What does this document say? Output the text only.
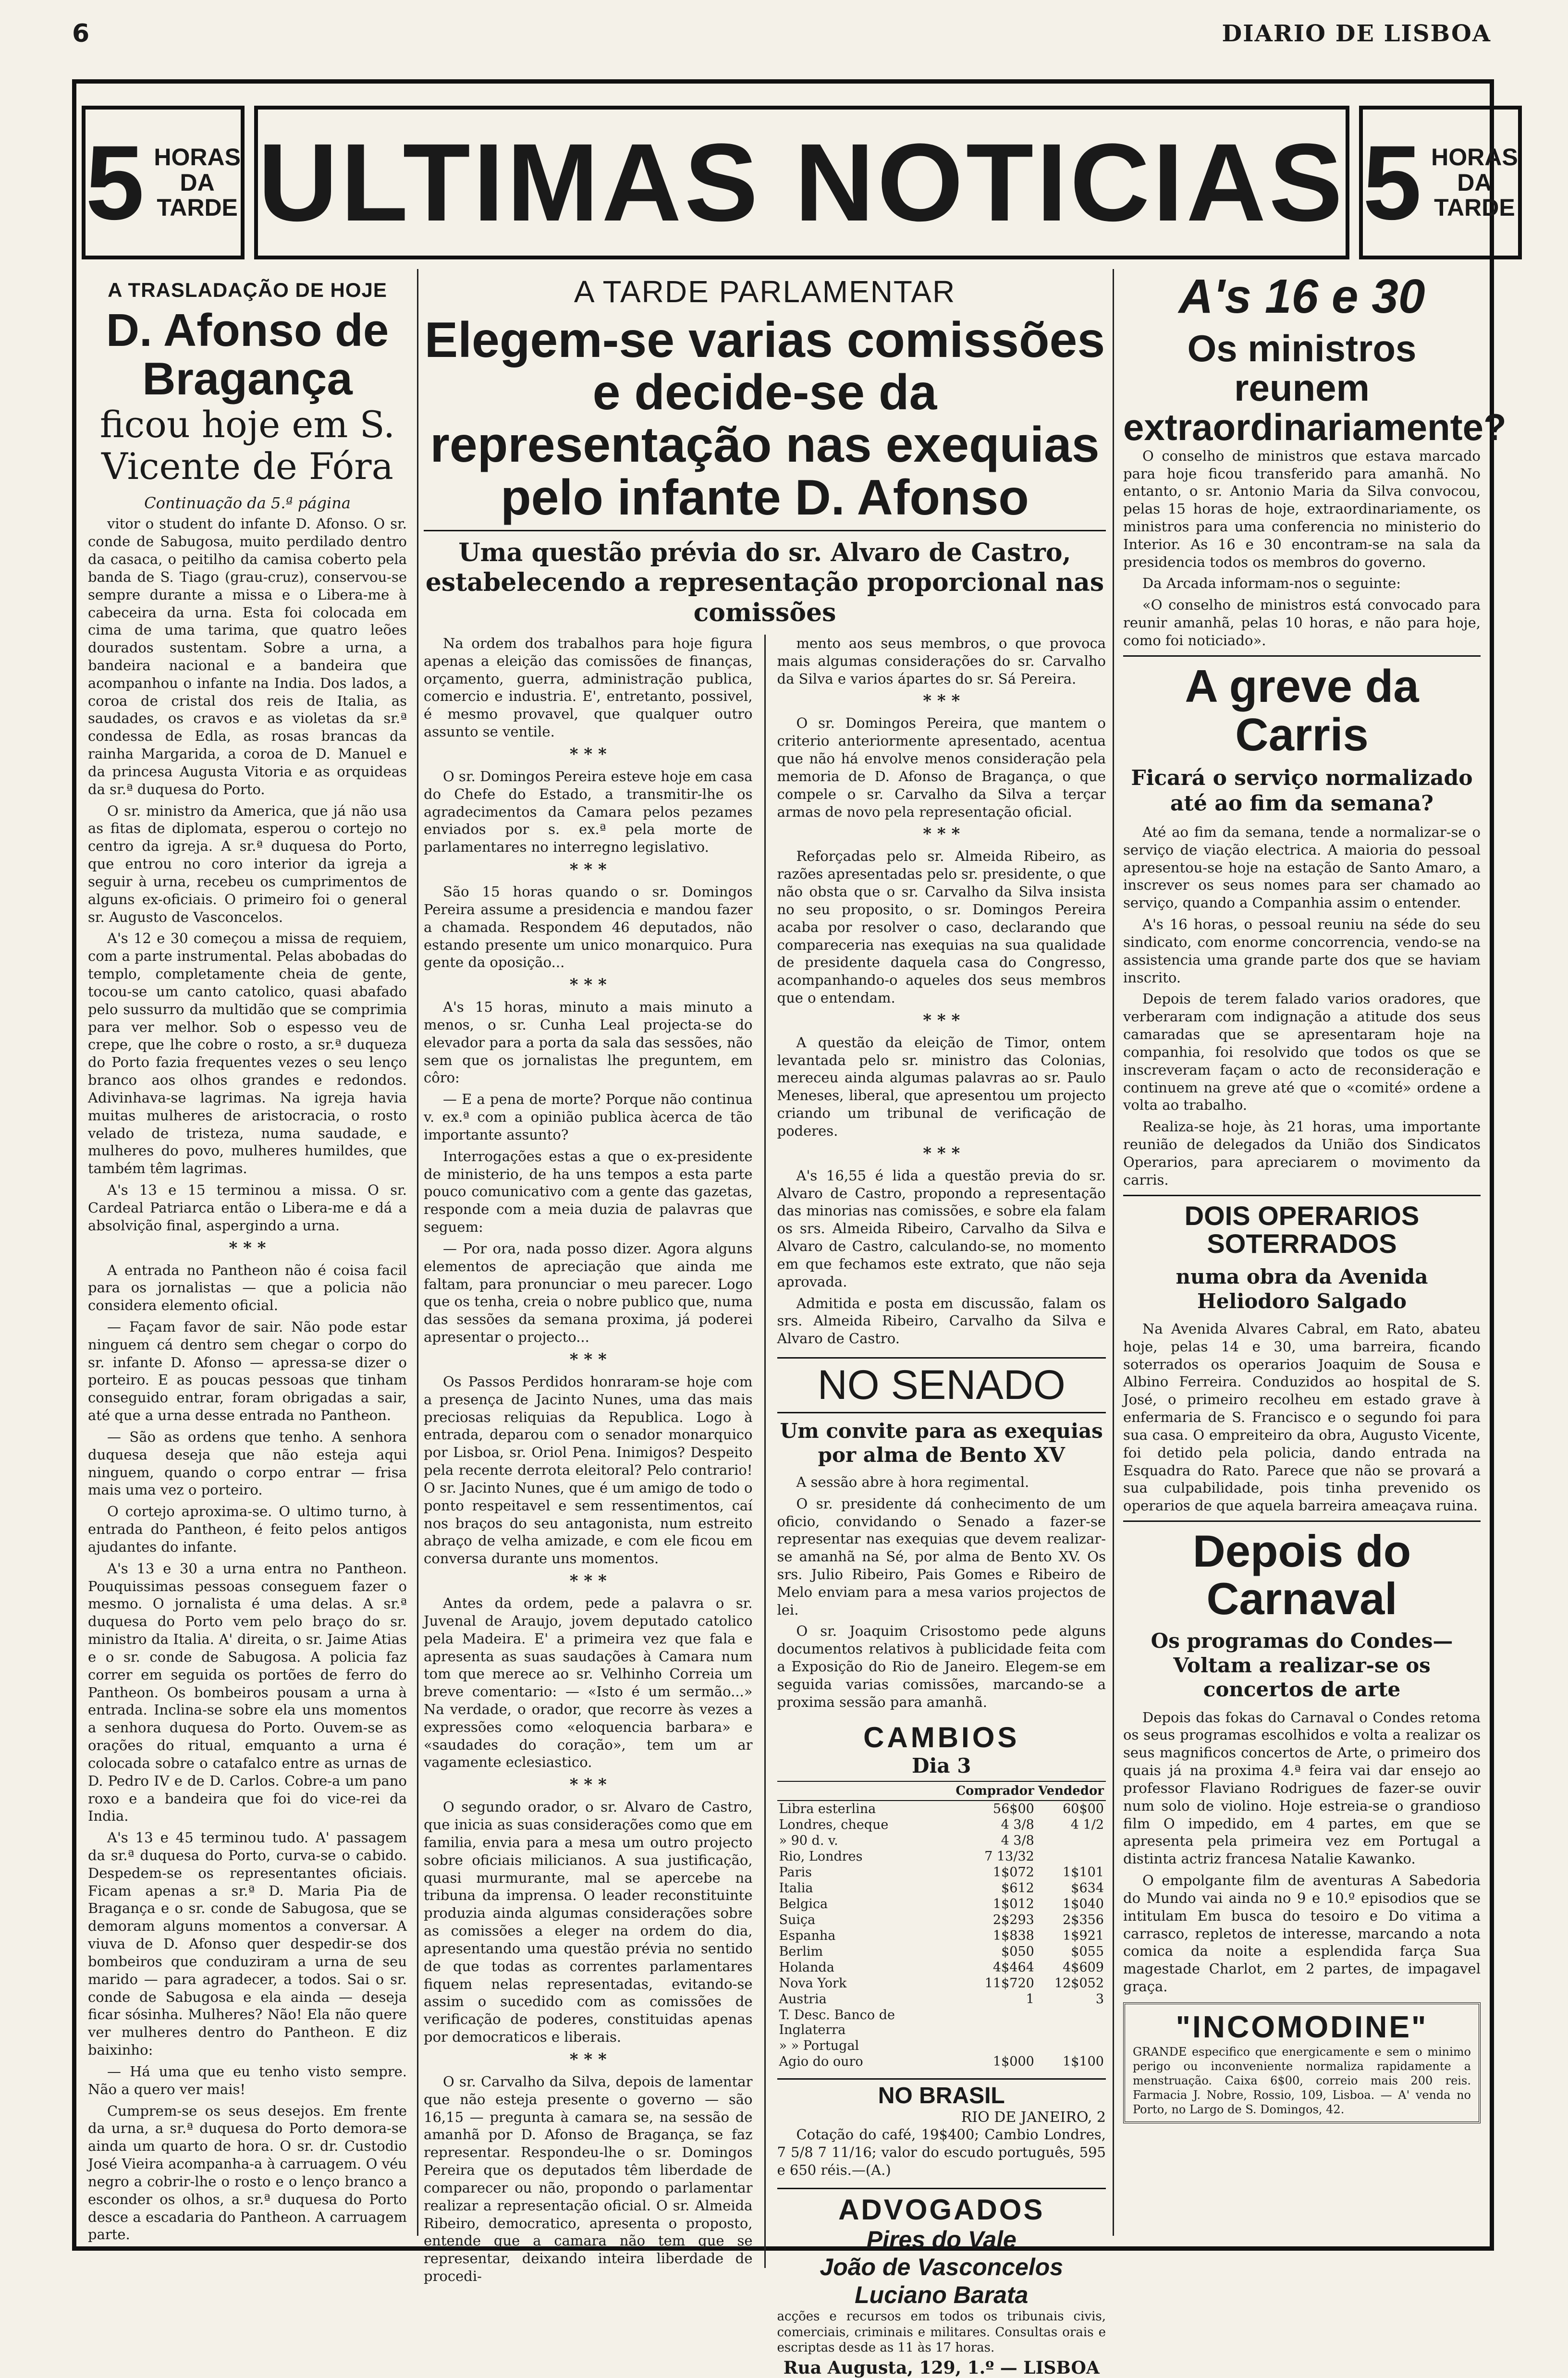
6	DIARIO DE LISBOA
5 HORAS
DA
TARDE ULTIMAS NOTICIAS 5 HORAS
DA
TARDE
A TRASLADAÇÃO DE HOJE
D. Afonso de Bragança
ficou hoje em S. Vicente de Fóra
Continuação da 5.ª página

vitor o student do infante D. Afonso. O sr. conde de Sabugosa, muito perdilado dentro da casaca, o peitilho da camisa coberto pela banda de S. Tiago (grau-cruz), conservou-se sempre durante a missa e o Libera-me à cabeceira da urna. Esta foi colocada em cima de uma tarima, que quatro leões dourados sustentam. Sobre a urna, a bandeira nacional e a bandeira que acompanhou o infante na India. Dos lados, a coroa de cristal dos reis de Italia, as saudades, os cravos e as violetas da sr.ª condessa de Edla, as rosas brancas da rainha Margarida, a coroa de D. Manuel e da princesa Augusta Vitoria e as orquideas da sr.ª duquesa do Porto.

O sr. ministro da America, que já não usa as fitas de diplomata, esperou o cortejo no centro da igreja. A sr.ª duquesa do Porto, que entrou no coro interior da igreja a seguir à urna, recebeu os cumprimentos de alguns ex-oficiais. O primeiro foi o general sr. Augusto de Vasconcelos.

A's 12 e 30 começou a missa de requiem, com a parte instrumental. Pelas abobadas do templo, completamente cheia de gente, tocou-se um canto catolico, quasi abafado pelo sussurro da multidão que se comprimia para ver melhor. Sob o espesso veu de crepe, que lhe cobre o rosto, a sr.ª duqueza do Porto fazia frequentes vezes o seu lenço branco aos olhos grandes e redondos. Adivinhava-se lagrimas. Na igreja havia muitas mulheres de aristocracia, o rosto velado de tristeza, numa saudade, e mulheres do povo, mulheres humildes, que também têm lagrimas.

A's 13 e 15 terminou a missa. O sr. Cardeal Patriarca então o Libera-me e dá a absolvição final, aspergindo a urna.

* * *

A entrada no Pantheon não é coisa facil para os jornalistas — que a policia não considera elemento oficial.

— Façam favor de sair. Não pode estar ninguem cá dentro sem chegar o corpo do sr. infante D. Afonso — apressa-se dizer o porteiro. E as poucas pessoas que tinham conseguido entrar, foram obrigadas a sair, até que a urna desse entrada no Pantheon.

— São as ordens que tenho. A senhora duquesa deseja que não esteja aqui ninguem, quando o corpo entrar — frisa mais uma vez o porteiro.

O cortejo aproxima-se. O ultimo turno, à entrada do Pantheon, é feito pelos antigos ajudantes do infante.

A's 13 e 30 a urna entra no Pantheon. Pouquissimas pessoas conseguem fazer o mesmo. O jornalista é uma delas. A sr.ª duquesa do Porto vem pelo braço do sr. ministro da Italia. A' direita, o sr. Jaime Atias e o sr. conde de Sabugosa. A policia faz correr em seguida os portões de ferro do Pantheon. Os bombeiros pousam a urna à entrada. Inclina-se sobre ela uns momentos a senhora duquesa do Porto. Ouvem-se as orações do ritual, emquanto a urna é colocada sobre o catafalco entre as urnas de D. Pedro IV e de D. Carlos. Cobre-a um pano roxo e a bandeira que foi do vice-rei da India.

A's 13 e 45 terminou tudo. A' passagem da sr.ª duquesa do Porto, curva-se o cabido. Despedem-se os representantes oficiais. Ficam apenas a sr.ª D. Maria Pia de Bragança e o sr. conde de Sabugosa, que se demoram alguns momentos a conversar. A viuva de D. Afonso quer despedir-se dos bombeiros que conduziram a urna de seu marido — para agradecer, a todos. Sai o sr. conde de Sabugosa e ela ainda — deseja ficar sósinha. Mulheres? Não! Ela não quere ver mulheres dentro do Pantheon. E diz baixinho:

— Há uma que eu tenho visto sempre. Não a quero ver mais!

Cumprem-se os seus desejos. Em frente da urna, a sr.ª duquesa do Porto demora-se ainda um quarto de hora. O sr. dr. Custodio José Vieira acompanha-a à carruagem. O véu negro a cobrir-lhe o rosto e o lenço branco a esconder os olhos, a sr.ª duquesa do Porto desce a escadaria do Pantheon. A carruagem parte.

A TARDE PARLAMENTAR
Elegem-se varias comissões e decide-se da representação nas exequias pelo infante D. Afonso
Uma questão prévia do sr. Alvaro de Castro, estabelecendo a representação proporcional nas comissões

Na ordem dos trabalhos para hoje figura apenas a eleição das comissões de finanças, orçamento, guerra, administração publica, comercio e industria. E', entretanto, possivel, é mesmo provavel, que qualquer outro assunto se ventile.

* * *

O sr. Domingos Pereira esteve hoje em casa do Chefe do Estado, a transmitir-lhe os agradecimentos da Camara pelos pezames enviados por s. ex.ª pela morte de parlamentares no interregno legislativo.

* * *

São 15 horas quando o sr. Domingos Pereira assume a presidencia e mandou fazer a chamada. Respondem 46 deputados, não estando presente um unico monarquico. Pura gente da oposição...

* * *

A's 15 horas, minuto a mais minuto a menos, o sr. Cunha Leal projecta-se do elevador para a porta da sala das sessões, não sem que os jornalistas lhe preguntem, em côro:

— E a pena de morte? Porque não continua v. ex.ª com a opinião publica àcerca de tão importante assunto?

Interrogações estas a que o ex-presidente de ministerio, de ha uns tempos a esta parte pouco comunicativo com a gente das gazetas, responde com a meia duzia de palavras que seguem:

— Por ora, nada posso dizer. Agora alguns elementos de apreciação que ainda me faltam, para pronunciar o meu parecer. Logo que os tenha, creia o nobre publico que, numa das sessões da semana proxima, já poderei apresentar o projecto...

* * *

Os Passos Perdidos honraram-se hoje com a presença de Jacinto Nunes, uma das mais preciosas reliquias da Republica. Logo à entrada, deparou com o senador monarquico por Lisboa, sr. Oriol Pena. Inimigos? Despeito pela recente derrota eleitoral? Pelo contrario! O sr. Jacinto Nunes, que é um amigo de todo o ponto respeitavel e sem ressentimentos, caí nos braços do seu antagonista, num estreito abraço de velha amizade, e com ele ficou em conversa durante uns momentos.

* * *

Antes da ordem, pede a palavra o sr. Juvenal de Araujo, jovem deputado catolico pela Madeira. E' a primeira vez que fala e apresenta as suas saudações à Camara num tom que merece ao sr. Velhinho Correia um breve comentario: — «Isto é um sermão...» Na verdade, o orador, que recorre às vezes a expressões como «eloquencia barbara» e «saudades do coração», tem um ar vagamente eclesiastico.

* * *

O segundo orador, o sr. Alvaro de Castro, que inicia as suas considerações como que em familia, envia para a mesa um outro projecto sobre oficiais milicianos. A sua justificação, quasi murmurante, mal se apercebe na tribuna da imprensa. O leader reconstituinte produzia ainda algumas considerações sobre as comissões a eleger na ordem do dia, apresentando uma questão prévia no sentido de que todas as correntes parlamentares fiquem nelas representadas, evitando-se assim o sucedido com as comissões de verificação de poderes, constituidas apenas por democraticos e liberais.

* * *

O sr. Carvalho da Silva, depois de lamentar que não esteja presente o governo — são 16,15 — pregunta à camara se, na sessão de amanhã por D. Afonso de Bragança, se faz representar. Respondeu-lhe o sr. Domingos Pereira que os deputados têm liberdade de comparecer ou não, propondo o parlamentar realizar a representação oficial. O sr. Almeida Ribeiro, democratico, apresenta o proposto, entende que a camara não tem que se representar, deixando inteira liberdade de procedi-

mento aos seus membros, o que provoca mais algumas considerações do sr. Carvalho da Silva e varios ápartes do sr. Sá Pereira.

* * *

O sr. Domingos Pereira, que mantem o criterio anteriormente apresentado, acentua que não há envolve menos consideração pela memoria de D. Afonso de Bragança, o que compele o sr. Carvalho da Silva a terçar armas de novo pela representação oficial.

* * *

Reforçadas pelo sr. Almeida Ribeiro, as razões apresentadas pelo sr. presidente, o que não obsta que o sr. Carvalho da Silva insista no seu proposito, o sr. Domingos Pereira acaba por resolver o caso, declarando que compareceria nas exequias na sua qualidade de presidente daquela casa do Congresso, acompanhando-o aqueles dos seus membros que o entendam.

* * *

A questão da eleição de Timor, ontem levantada pelo sr. ministro das Colonias, mereceu ainda algumas palavras ao sr. Paulo Meneses, liberal, que apresentou um projecto criando um tribunal de verificação de poderes.

* * *

A's 16,55 é lida a questão previa do sr. Alvaro de Castro, propondo a representação das minorias nas comissões, e sobre ela falam os srs. Almeida Ribeiro, Carvalho da Silva e Alvaro de Castro, calculando-se, no momento em que fechamos este extrato, que não seja aprovada.

Admitida e posta em discussão, falam os srs. Almeida Ribeiro, Carvalho da Silva e Alvaro de Castro.

NO SENADO
Um convite para as exequias por alma de Bento XV

A sessão abre à hora regimental.

O sr. presidente dá conhecimento de um oficio, convidando o Senado a fazer-se representar nas exequias que devem realizar-se amanhã na Sé, por alma de Bento XV. Os srs. Julio Ribeiro, Pais Gomes e Ribeiro de Melo enviam para a mesa varios projectos de lei.

O sr. Joaquim Crisostomo pede alguns documentos relativos à publicidade feita com a Exposição do Rio de Janeiro. Elegem-se em seguida varias comissões, marcando-se a proxima sessão para amanhã.

CAMBIOS
Dia 3
	Comprador	Vendedor
Libra esterlina	56$00	60$00
Londres, cheque	4 3/8	4 1/2
» 90 d. v.	4 3/8	
Rio, Londres	7 13/32	
Paris	1$072	1$101
Italia	$612	$634
Belgica	1$012	1$040
Suiça	2$293	2$356
Espanha	1$838	1$921
Berlim	$050	$055
Holanda	4$464	4$609
Nova York	11$720	12$052
Austria	1	3
T. Desc. Banco de Inglaterra		
» » Portugal		
Agio do ouro	1$000	1$100
NO BRASIL
RIO DE JANEIRO, 2

Cotação do café, 19$400; Cambio Londres, 7 5/8 7 11/16; valor do escudo português, 595 e 650 réis.—(A.)

ADVOGADOS
Pires do Vale
João de Vasconcelos
Luciano Barata
acções e recursos em todos os tribunais civis, comerciais, criminais e militares. Consultas orais e escriptas desde as 11 às 17 horas.
Rua Augusta, 129, 1.º — LISBOA
A's 16 e 30
Os ministros reunem extraordinariamente?

O conselho de ministros que estava marcado para hoje ficou transferido para amanhã. No entanto, o sr. Antonio Maria da Silva convocou, pelas 15 horas de hoje, extraordinariamente, os ministros para uma conferencia no ministerio do Interior. As 16 e 30 encontram-se na sala da presidencia todos os membros do governo.

Da Arcada informam-nos o seguinte:

«O conselho de ministros está convocado para reunir amanhã, pelas 10 horas, e não para hoje, como foi noticiado».

A greve da Carris
Ficará o serviço normalizado até ao fim da semana?

Até ao fim da semana, tende a normalizar-se o serviço de viação electrica. A maioria do pessoal apresentou-se hoje na estação de Santo Amaro, a inscrever os seus nomes para ser chamado ao serviço, quando a Companhia assim o entender.

A's 16 horas, o pessoal reuniu na séde do seu sindicato, com enorme concorrencia, vendo-se na assistencia uma grande parte dos que se haviam inscrito.

Depois de terem falado varios oradores, que verberaram com indignação a atitude dos seus camaradas que se apresentaram hoje na companhia, foi resolvido que todos os que se inscreveram façam o acto de reconsideração e continuem na greve até que o «comité» ordene a volta ao trabalho.

Realiza-se hoje, às 21 horas, uma importante reunião de delegados da União dos Sindicatos Operarios, para apreciarem o movimento da carris.

DOIS OPERARIOS SOTERRADOS
numa obra da Avenida Heliodoro Salgado

Na Avenida Alvares Cabral, em Rato, abateu hoje, pelas 14 e 30, uma barreira, ficando soterrados os operarios Joaquim de Sousa e Albino Ferreira. Conduzidos ao hospital de S. José, o primeiro recolheu em estado grave à enfermaria de S. Francisco e o segundo foi para sua casa. O empreiteiro da obra, Augusto Vicente, foi detido pela policia, dando entrada na Esquadra do Rato. Parece que não se provará a sua culpabilidade, pois tinha prevenido os operarios de que aquela barreira ameaçava ruina.

Depois do Carnaval
Os programas do Condes—Voltam a realizar-se os concertos de arte

Depois das fokas do Carnaval o Condes retoma os seus programas escolhidos e volta a realizar os seus magnificos concertos de Arte, o primeiro dos quais já na proxima 4.ª feira vai dar ensejo ao professor Flaviano Rodrigues de fazer-se ouvir num solo de violino. Hoje estreia-se o grandioso film O impedido, em 4 partes, em que se apresenta pela primeira vez em Portugal a distinta actriz francesa Natalie Kawanko.

O empolgante film de aventuras A Sabedoria do Mundo vai ainda no 9 e 10.º episodios que se intitulam Em busca do tesoiro e Do vitima a carrasco, repletos de interesse, marcando a nota comica da noite a esplendida farça Sua magestade Charlot, em 2 partes, de impagavel graça.

"INCOMODINE"
GRANDE especifico que energicamente e sem o minimo perigo ou inconveniente normaliza rapidamente a menstruação. Caixa 6$00, correio mais 200 reis. Farmacia J. Nobre, Rossio, 109, Lisboa. — A' venda no Porto, no Largo de S. Domingos, 42.
